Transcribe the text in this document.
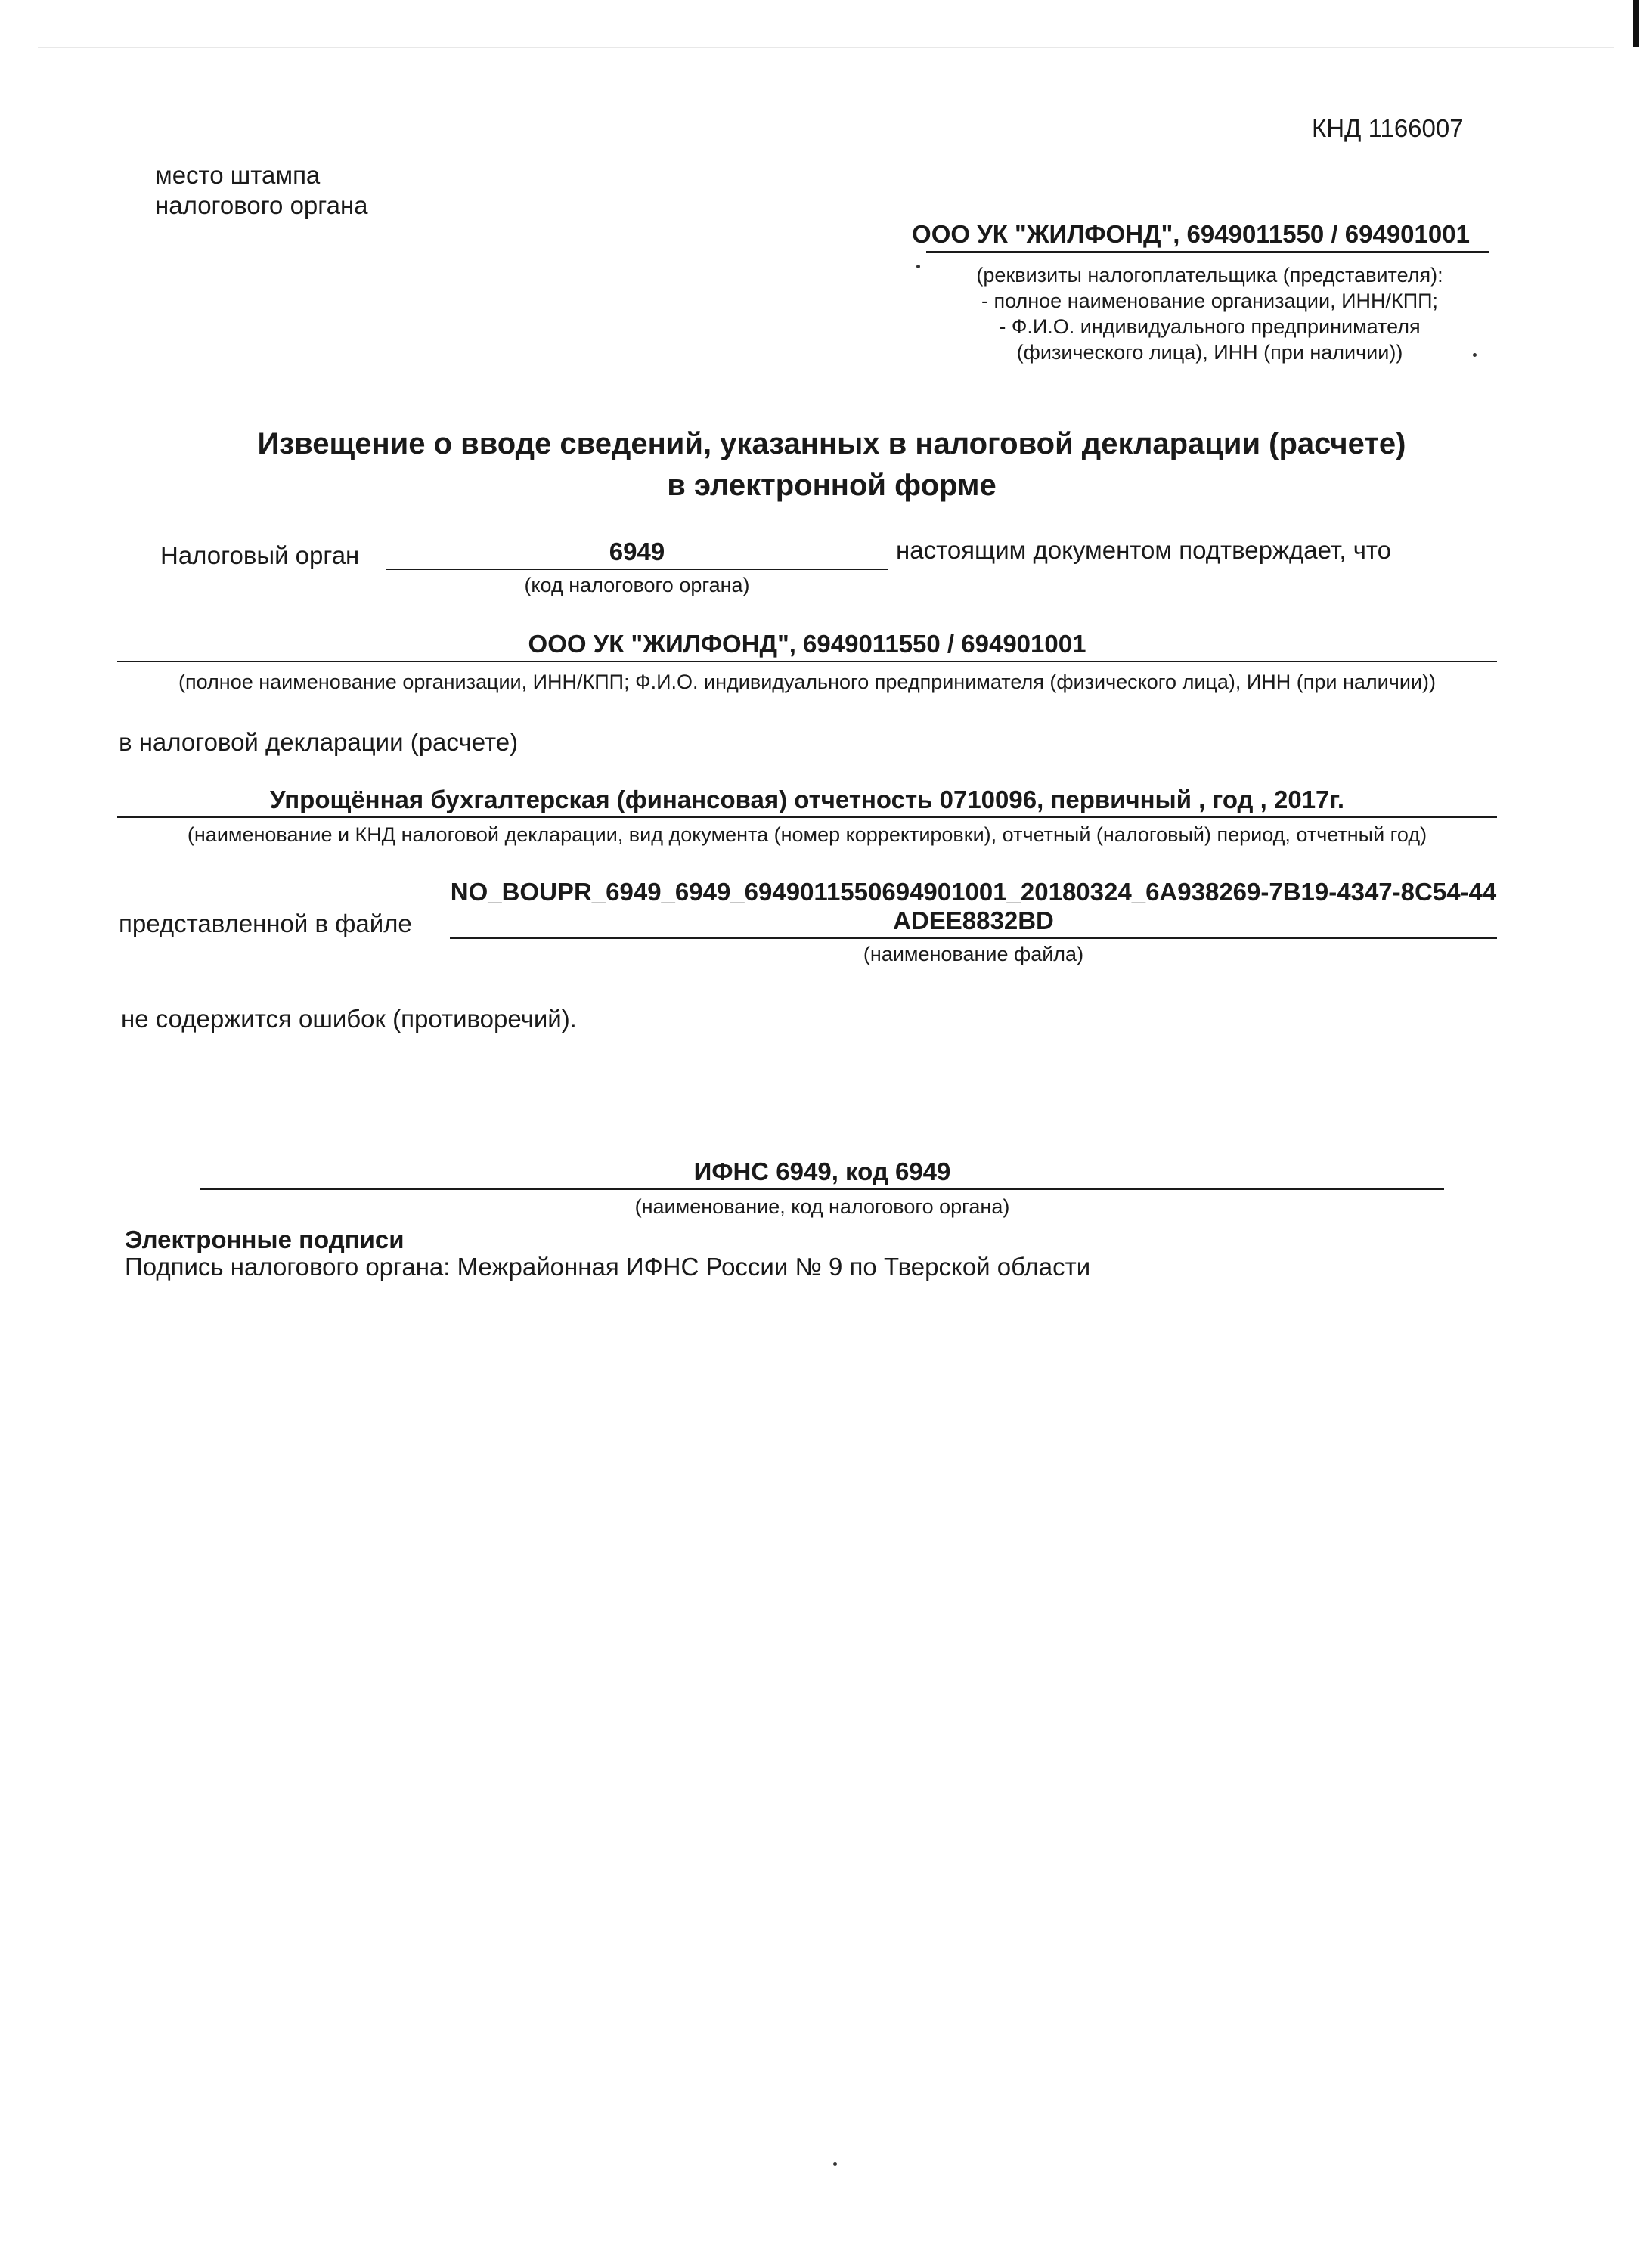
КНД 1166007
место штампа
налогового органа
ООО УК "ЖИЛФОНД", 6949011550 / 694901001
(реквизиты налогоплательщика (представителя):
- полное наименование организации, ИНН/КПП;
- Ф.И.О. индивидуального предпринимателя
(физического лица), ИНН (при наличии))
Извещение о вводе сведений, указанных в налоговой декларации (расчете)
в электронной форме
Налоговый орган	6949
(код налогового органа)
настоящим документом подтверждает, что
ООО УК "ЖИЛФОНД", 6949011550 / 694901001
(полное наименование организации, ИНН/КПП; Ф.И.О. индивидуального предпринимателя (физического лица), ИНН (при наличии))
в налоговой декларации (расчете)
Упрощённая бухгалтерская (финансовая) отчетность 0710096, первичный , год , 2017г.
(наименование и КНД налоговой декларации, вид документа (номер корректировки), отчетный (налоговый) период, отчетный год)
представленной в файле
NO_BOUPR_6949_6949_6949011550694901001_20180324_6A938269-7B19-4347-8C54-44
ADEE8832BD
(наименование файла)
не содержится ошибок (противоречий).
ИФНС 6949, код 6949
(наименование, код налогового органа)
Электронные подписи
Подпись налогового органа: Межрайонная ИФНС России № 9 по Тверской области
